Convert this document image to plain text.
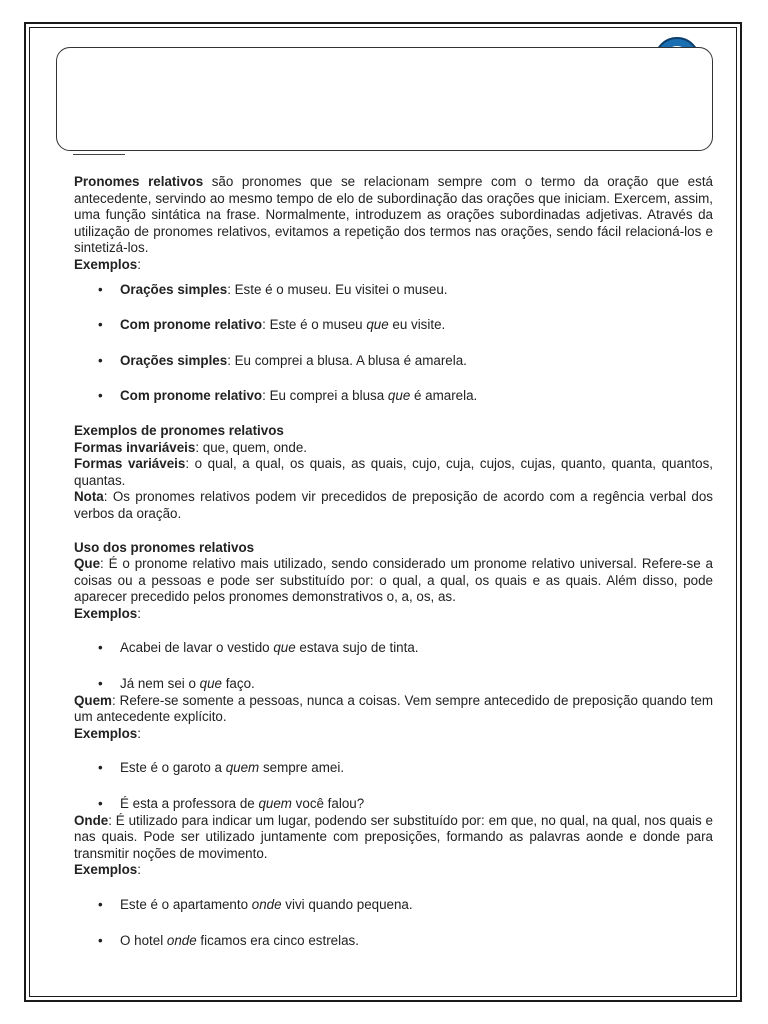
Pronomes relativos são pronomes que se relacionam sempre com o termo da oração que está antecedente, servindo ao mesmo tempo de elo de subordinação das orações que iniciam. Exercem, assim, uma função sintática na frase. Normalmente, introduzem as orações subordinadas adjetivas. Através da utilização de pronomes relativos, evitamos a repetição dos termos nas orações, sendo fácil relacioná-los e sintetizá-los.

Exemplos:

• Orações simples: Este é o museu. Eu visitei o museu.
• Com pronome relativo: Este é o museu que eu visite.
• Orações simples: Eu comprei a blusa. A blusa é amarela.
• Com pronome relativo: Eu comprei a blusa que é amarela.

Exemplos de pronomes relativos

Formas invariáveis: que, quem, onde.

Formas variáveis: o qual, a qual, os quais, as quais, cujo, cuja, cujos, cujas, quanto, quanta, quantos, quantas.

Nota: Os pronomes relativos podem vir precedidos de preposição de acordo com a regência verbal dos verbos da oração.

Uso dos pronomes relativos

Que: É o pronome relativo mais utilizado, sendo considerado um pronome relativo universal. Refere-se a coisas ou a pessoas e pode ser substituído por: o qual, a qual, os quais e as quais. Além disso, pode aparecer precedido pelos pronomes demonstrativos o, a, os, as.

Exemplos:

• Acabei de lavar o vestido que estava sujo de tinta.
• Já nem sei o que faço.

Quem: Refere-se somente a pessoas, nunca a coisas. Vem sempre antecedido de preposição quando tem um antecedente explícito.

Exemplos:

• Este é o garoto a quem sempre amei.
• É esta a professora de quem você falou?

Onde: É utilizado para indicar um lugar, podendo ser substituído por: em que, no qual, na qual, nos quais e nas quais. Pode ser utilizado juntamente com preposições, formando as palavras aonde e donde para transmitir noções de movimento.

Exemplos:

• Este é o apartamento onde vivi quando pequena.
• O hotel onde ficamos era cinco estrelas.
